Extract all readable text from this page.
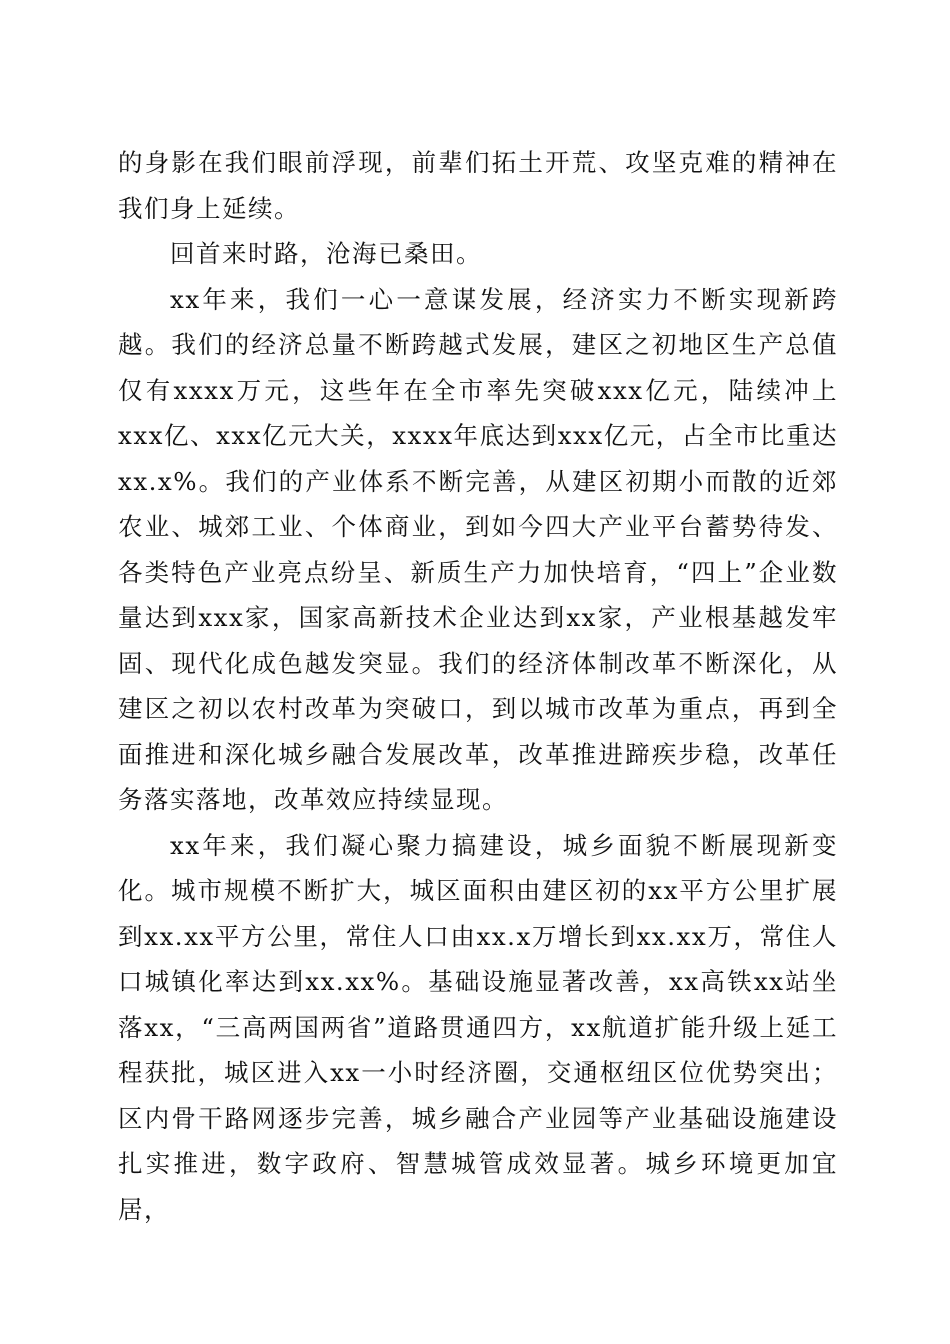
的身影在我们眼前浮现，前辈们拓土开荒、攻坚克难的精神在我们身上延续。

回首来时路，沧海已桑田。

xx年来，我们一心一意谋发展，经济实力不断实现新跨越。我们的经济总量不断跨越式发展，建区之初地区生产总值仅有xxxx万元，这些年在全市率先突破xxx亿元，陆续冲上xxx亿、xxx亿元大关，xxxx年底达到xxx亿元，占全市比重达xx.x%。我们的产业体系不断完善，从建区初期小而散的近郊农业、城郊工业、个体商业，到如今四大产业平台蓄势待发、各类特色产业亮点纷呈、新质生产力加快培育，“四上”企业数量达到xxx家，国家高新技术企业达到xx家，产业根基越发牢固、现代化成色越发突显。我们的经济体制改革不断深化，从建区之初以农村改革为突破口，到以城市改革为重点，再到全面推进和深化城乡融合发展改革，改革推进蹄疾步稳，改革任务落实落地，改革效应持续显现。

xx年来，我们凝心聚力搞建设，城乡面貌不断展现新变化。城市规模不断扩大，城区面积由建区初的xx平方公里扩展到xx.xx平方公里，常住人口由xx.x万增长到xx.xx万，常住人口城镇化率达到xx.xx%。基础设施显著改善，xx高铁xx站坐落xx，“三高两国两省”道路贯通四方，xx航道扩能升级上延工程获批，城区进入xx一小时经济圈，交通枢纽区位优势突出；区内骨干路网逐步完善，城乡融合产业园等产业基础设施建设扎实推进，数字政府、智慧城管成效显著。城乡环境更加宜居，
